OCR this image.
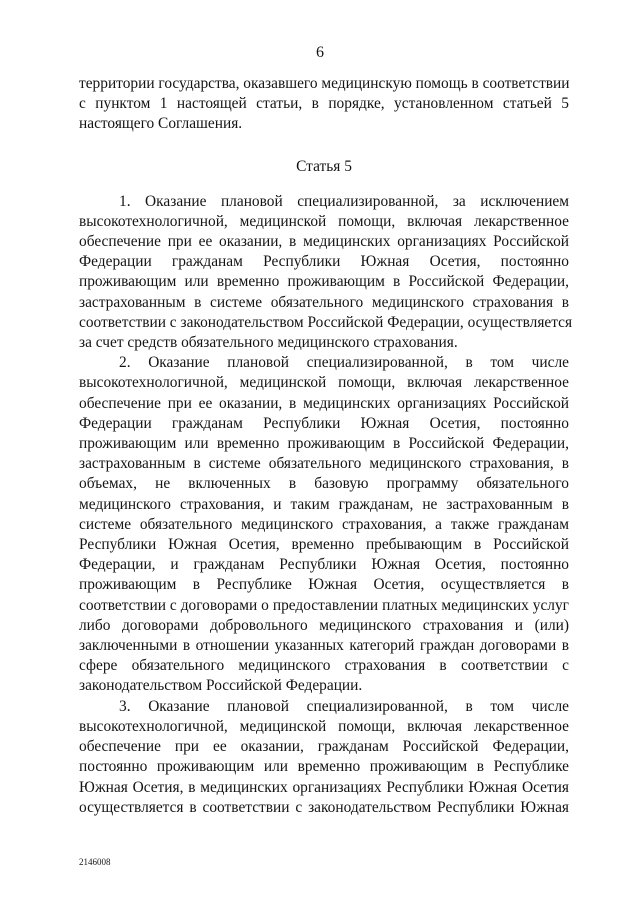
6

территории государства, оказавшего медицинскую помощь в соответствии
с пунктом 1 настоящей статьи, в порядке, установленном статьей 5
настоящего Соглашения.

Статья 5

1. Оказание плановой специализированной, за исключением
высокотехнологичной, медицинской помощи, включая лекарственное
обеспечение при ее оказании, в медицинских организациях Российской
Федерации гражданам Республики Южная Осетия, постоянно
проживающим или временно проживающим в Российской Федерации,
застрахованным в системе обязательного медицинского страхования в
соответствии с законодательством Российской Федерации, осуществляется
за счет средств обязательного медицинского страхования.

2. Оказание плановой специализированной, в том числе
высокотехнологичной, медицинской помощи, включая лекарственное
обеспечение при ее оказании, в медицинских организациях Российской
Федерации гражданам Республики Южная Осетия, постоянно
проживающим или временно проживающим в Российской Федерации,
застрахованным в системе обязательного медицинского страхования, в
объемах, не включенных в базовую программу обязательного
медицинского страхования, и таким гражданам, не застрахованным в
системе обязательного медицинского страхования, а также гражданам
Республики Южная Осетия, временно пребывающим в Российской
Федерации, и гражданам Республики Южная Осетия, постоянно
проживающим в Республике Южная Осетия, осуществляется в
соответствии с договорами о предоставлении платных медицинских услуг
либо договорами добровольного медицинского страхования и (или)
заключенными в отношении указанных категорий граждан договорами в
сфере обязательного медицинского страхования в соответствии с
законодательством Российской Федерации.

3. Оказание плановой специализированной, в том числе
высокотехнологичной, медицинской помощи, включая лекарственное
обеспечение при ее оказании, гражданам Российской Федерации,
постоянно проживающим или временно проживающим в Республике
Южная Осетия, в медицинских организациях Республики Южная Осетия
осуществляется в соответствии с законодательством Республики Южная

2146008
